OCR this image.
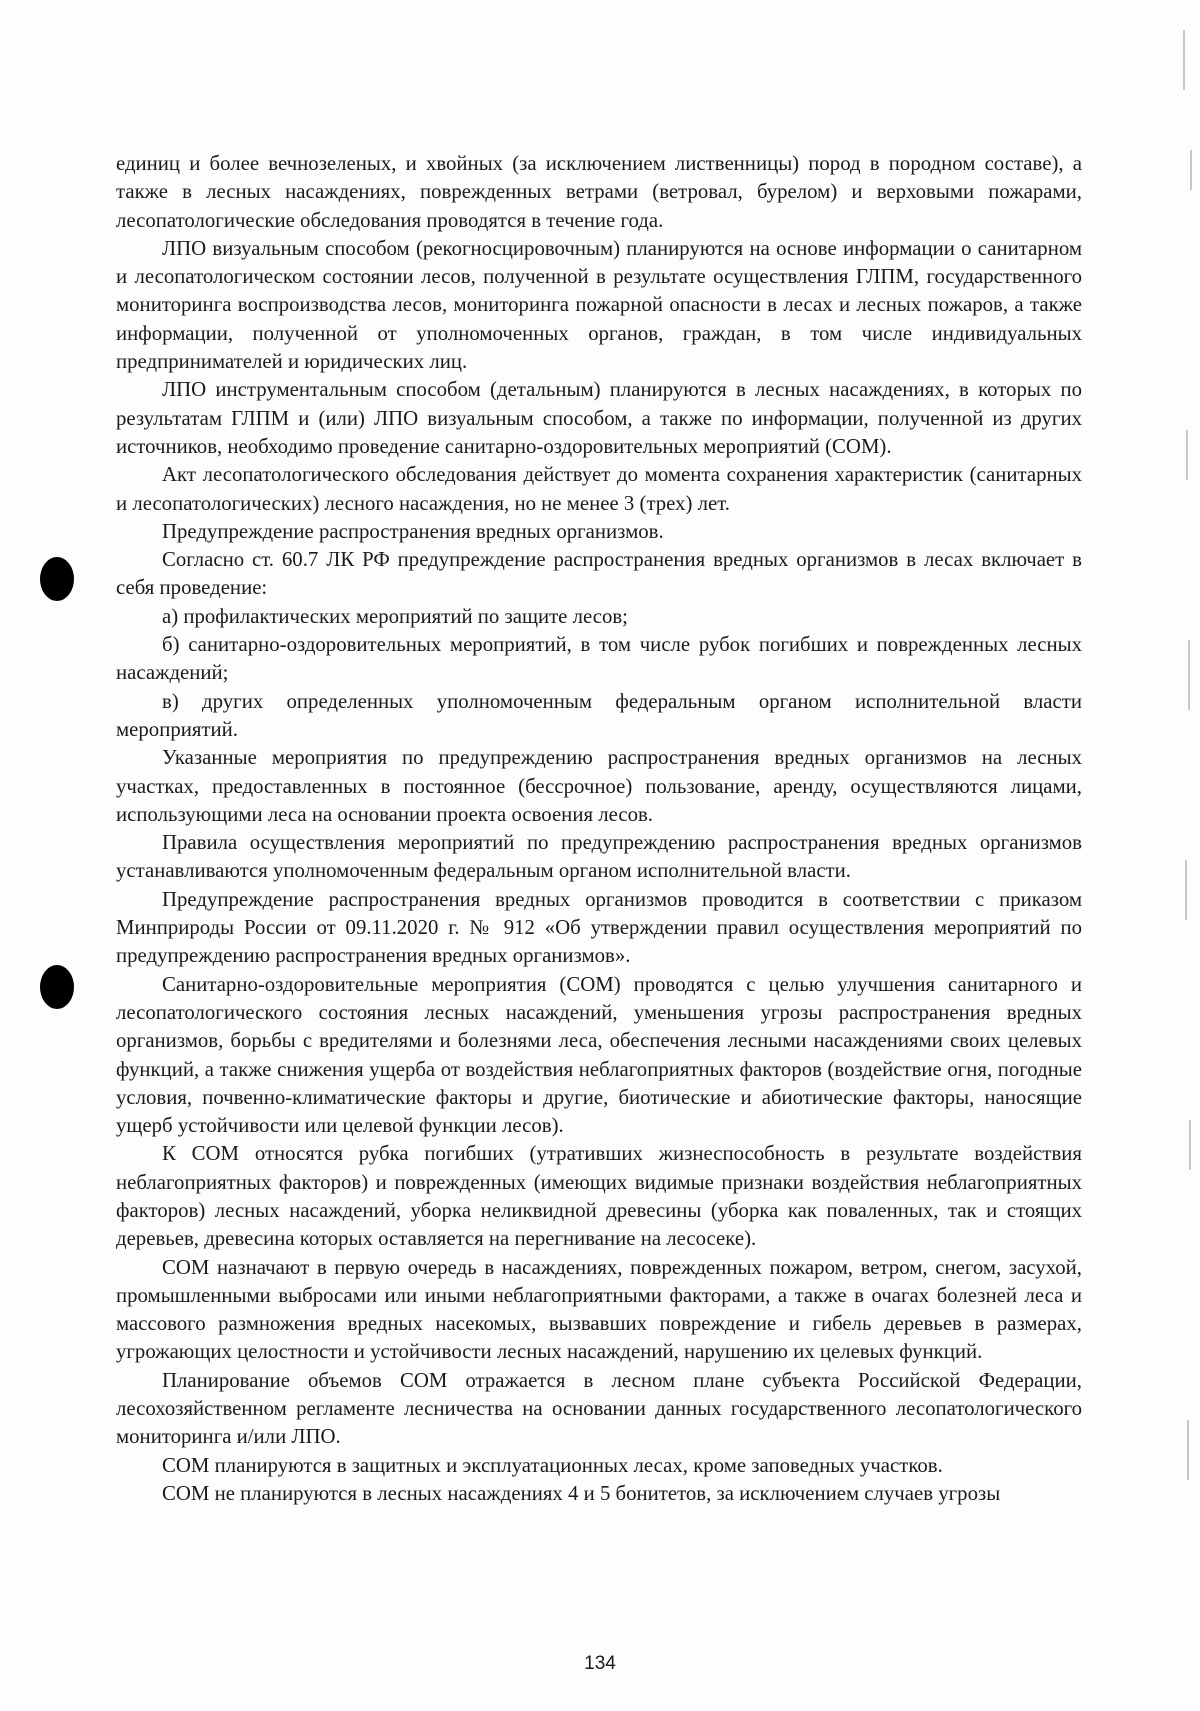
единиц и более вечнозеленых, и хвойных (за исключением лиственницы) пород в породном составе), а также в лесных насаждениях, поврежденных ветрами (ветровал, бурелом) и верховыми пожарами, лесопатологические обследования проводятся в течение года.

ЛПО визуальным способом (рекогносцировочным) планируются на основе информации о санитарном и лесопатологическом состоянии лесов, полученной в результате осуществления ГЛПМ, государственного мониторинга воспроизводства лесов, мониторинга пожарной опасности в лесах и лесных пожаров, а также информации, полученной от уполномоченных органов, граждан, в том числе индивидуальных предпринимателей и юридических лиц.

ЛПО инструментальным способом (детальным) планируются в лесных насаждениях, в которых по результатам ГЛПМ и (или) ЛПО визуальным способом, а также по информации, полученной из других источников, необходимо проведение санитарно-оздоровительных мероприятий (СОМ).

Акт лесопатологического обследования действует до момента сохранения характеристик (санитарных и лесопатологических) лесного насаждения, но не менее 3 (трех) лет.

Предупреждение распространения вредных организмов.

Согласно ст. 60.7 ЛК РФ предупреждение распространения вредных организмов в лесах включает в себя проведение:

а) профилактических мероприятий по защите лесов;

б) санитарно-оздоровительных мероприятий, в том числе рубок погибших и поврежденных лесных насаждений;

в) других определенных уполномоченным федеральным органом исполнительной власти мероприятий.

Указанные мероприятия по предупреждению распространения вредных организмов на лесных участках, предоставленных в постоянное (бессрочное) пользование, аренду, осуществляются лицами, использующими леса на основании проекта освоения лесов.

Правила осуществления мероприятий по предупреждению распространения вредных организмов устанавливаются уполномоченным федеральным органом исполнительной власти.

Предупреждение распространения вредных организмов проводится в соответствии с приказом Минприроды России от 09.11.2020 г. № 912 «Об утверждении правил осуществления мероприятий по предупреждению распространения вредных организмов».

Санитарно-оздоровительные мероприятия (СОМ) проводятся с целью улучшения санитарного и лесопатологического состояния лесных насаждений, уменьшения угрозы распространения вредных организмов, борьбы с вредителями и болезнями леса, обеспечения лесными насаждениями своих целевых функций, а также снижения ущерба от воздействия неблагоприятных факторов (воздействие огня, погодные условия, почвенно-климатические факторы и другие, биотические и абиотические факторы, наносящие ущерб устойчивости или целевой функции лесов).

К СОМ относятся рубка погибших (утративших жизнеспособность в результате воздействия неблагоприятных факторов) и поврежденных (имеющих видимые признаки воздействия неблагоприятных факторов) лесных насаждений, уборка неликвидной древесины (уборка как поваленных, так и стоящих деревьев, древесина которых оставляется на перегнивание на лесосеке).

СОМ назначают в первую очередь в насаждениях, поврежденных пожаром, ветром, снегом, засухой, промышленными выбросами или иными неблагоприятными факторами, а также в очагах болезней леса и массового размножения вредных насекомых, вызвавших повреждение и гибель деревьев в размерах, угрожающих целостности и устойчивости лесных насаждений, нарушению их целевых функций.

Планирование объемов СОМ отражается в лесном плане субъекта Российской Федерации, лесохозяйственном регламенте лесничества на основании данных государственного лесопатологического мониторинга и/или ЛПО.

СОМ планируются в защитных и эксплуатационных лесах, кроме заповедных участков.

СОМ не планируются в лесных насаждениях 4 и 5 бонитетов, за исключением случаев угрозы

134
